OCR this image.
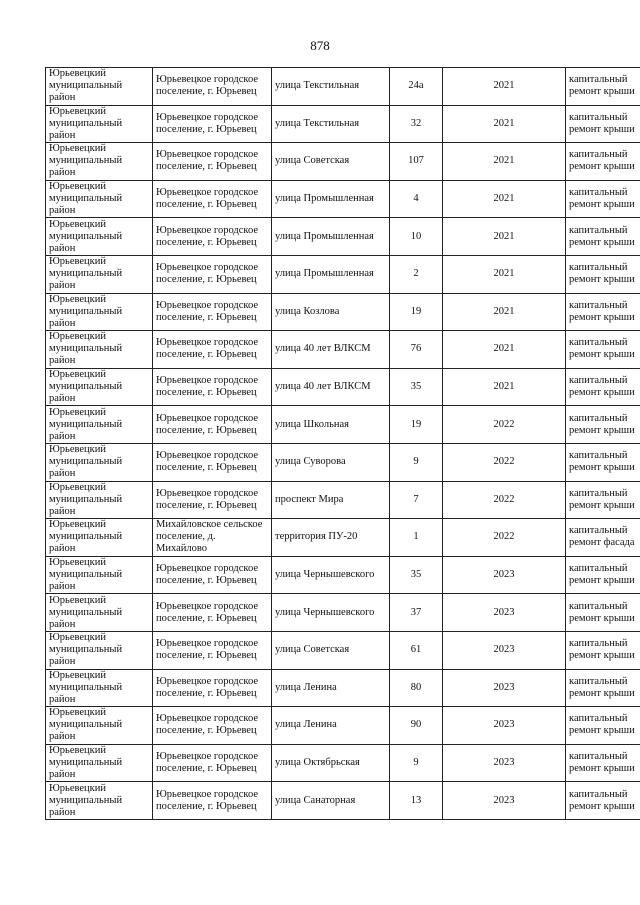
878
Юрьевецкий муниципальный район	Юрьевецкое городское поселение, г. Юрьевец	улица Текстильная	24а	2021	капитальный ремонт крыши
Юрьевецкий муниципальный район	Юрьевецкое городское поселение, г. Юрьевец	улица Текстильная	32	2021	капитальный ремонт крыши
Юрьевецкий муниципальный район	Юрьевецкое городское поселение, г. Юрьевец	улица Советская	107	2021	капитальный ремонт крыши
Юрьевецкий муниципальный район	Юрьевецкое городское поселение, г. Юрьевец	улица Промышленная	4	2021	капитальный ремонт крыши
Юрьевецкий муниципальный район	Юрьевецкое городское поселение, г. Юрьевец	улица Промышленная	10	2021	капитальный ремонт крыши
Юрьевецкий муниципальный район	Юрьевецкое городское поселение, г. Юрьевец	улица Промышленная	2	2021	капитальный ремонт крыши
Юрьевецкий муниципальный район	Юрьевецкое городское поселение, г. Юрьевец	улица Козлова	19	2021	капитальный ремонт крыши
Юрьевецкий муниципальный район	Юрьевецкое городское поселение, г. Юрьевец	улица 40 лет ВЛКСМ	76	2021	капитальный ремонт крыши
Юрьевецкий муниципальный район	Юрьевецкое городское поселение, г. Юрьевец	улица 40 лет ВЛКСМ	35	2021	капитальный ремонт крыши
Юрьевецкий муниципальный район	Юрьевецкое городское поселение, г. Юрьевец	улица Школьная	19	2022	капитальный ремонт крыши
Юрьевецкий муниципальный район	Юрьевецкое городское поселение, г. Юрьевец	улица Суворова	9	2022	капитальный ремонт крыши
Юрьевецкий муниципальный район	Юрьевецкое городское поселение, г. Юрьевец	проспект Мира	7	2022	капитальный ремонт крыши
Юрьевецкий муниципальный район	Михайловское сельское поселение, д. Михайлово	территория ПУ-20	1	2022	капитальный ремонт фасада
Юрьевецкий муниципальный район	Юрьевецкое городское поселение, г. Юрьевец	улица Чернышевского	35	2023	капитальный ремонт крыши
Юрьевецкий муниципальный район	Юрьевецкое городское поселение, г. Юрьевец	улица Чернышевского	37	2023	капитальный ремонт крыши
Юрьевецкий муниципальный район	Юрьевецкое городское поселение, г. Юрьевец	улица Советская	61	2023	капитальный ремонт крыши
Юрьевецкий муниципальный район	Юрьевецкое городское поселение, г. Юрьевец	улица Ленина	80	2023	капитальный ремонт крыши
Юрьевецкий муниципальный район	Юрьевецкое городское поселение, г. Юрьевец	улица Ленина	90	2023	капитальный ремонт крыши
Юрьевецкий муниципальный район	Юрьевецкое городское поселение, г. Юрьевец	улица Октябрьская	9	2023	капитальный ремонт крыши
Юрьевецкий муниципальный район	Юрьевецкое городское поселение, г. Юрьевец	улица Санаторная	13	2023	капитальный ремонт крыши
